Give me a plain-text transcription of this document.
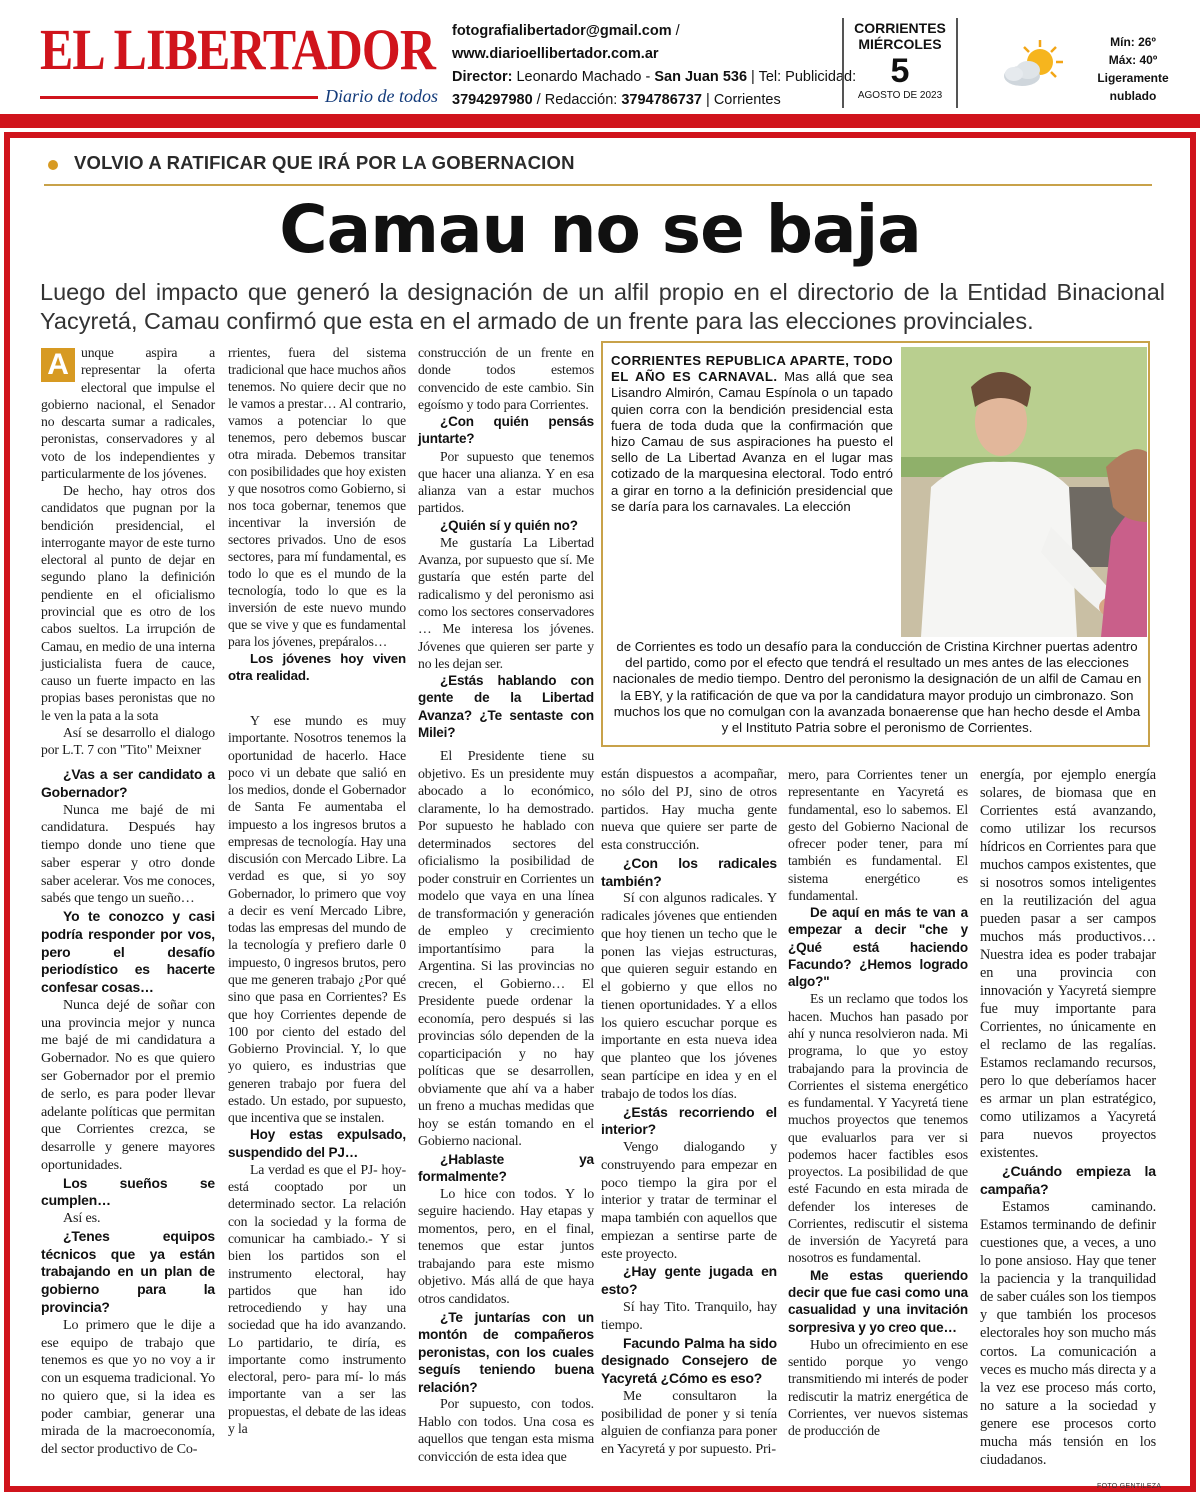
EL LIBERTADOR
Diario de todos
fotografialibertador@gmail.com /
www.diarioellibertador.com.ar
Director: Leonardo Machado - San Juan 536 | Tel: Publicidad:
3794297980 / Redacción: 3794786737 | Corrientes
CORRIENTES
MIÉRCOLES
5
AGOSTO DE 2023
Mín: 26º
Máx: 40º
Ligeramente
nublado
VOLVIO A RATIFICAR QUE IRÁ POR LA GOBERNACION
Camau no se baja
Luego del impacto que generó la designación de un alfil propio en el directorio de la Entidad Binacional Yacyretá, Camau confirmó que esta en el armado de un frente para las elecciones provinciales.

A unque aspira a representar la oferta electoral que impulse el gobierno nacional, el Senador no descarta sumar a radicales, peronistas, conservadores y al voto de los independientes y particularmente de los jóvenes.

De hecho, hay otros dos candidatos que pugnan por la bendición presidencial, el interrogante mayor de este turno electoral al punto de dejar en segundo plano la definición pendiente en el oficialismo provincial que es otro de los cabos sueltos. La irrupción de Camau, en medio de una interna justicialista fuera de cauce, causo un fuerte impacto en las propias bases peronistas que no le ven la pata a la sota

Así se desarrollo el dialogo por L.T. 7 con "Tito" Meixner

rrientes, fuera del sistema tradicional que hace muchos años tenemos. No quiere decir que no le vamos a prestar… Al contrario, vamos a potenciar lo que tenemos, pero debemos buscar otra mirada. Debemos transitar con posibilidades que hoy existen y que nosotros como Gobierno, si nos toca gobernar, tenemos que incentivar la inversión de sectores privados. Uno de esos sectores, para mí fundamental, es todo lo que es el mundo de la tecnología, todo lo que es la inversión de este nuevo mundo que se vive y que es fundamental para los jóvenes, prepáralos…

Los jóvenes hoy viven otra realidad.

construcción de un frente en donde todos estemos convencido de este cambio. Sin egoísmo y todo para Corrientes.

¿Con quién pensás juntarte?

Por supuesto que tenemos que hacer una alianza. Y en esa alianza van a estar muchos partidos.

¿Quién sí y quién no?

Me gustaría La Libertad Avanza, por supuesto que sí. Me gustaría que estén parte del radicalismo y del peronismo asi como los sectores conservadores … Me interesa los jóvenes. Jóvenes que quieren ser parte y no les dejan ser.

¿Estás hablando con gente de la Libertad Avanza? ¿Te sentaste con Milei?

CORRIENTES REPUBLICA APARTE, TODO EL AÑO ES CARNAVAL. Mas allá que sea Lisandro Almirón, Camau Espínola o un tapado quien corra con la bendición presidencial esta fuera de toda duda que la confirmación que hizo Camau de sus aspiraciones ha puesto el sello de La Libertad Avanza en el lugar mas cotizado de la marquesina electoral. Todo entró a girar en torno a la definición presidencial que se daría para los carnavales. La elección
de Corrientes es todo un desafío para la conducción de Cristina Kirchner puertas adentro del partido, como por el efecto que tendrá el resultado un mes antes de las elecciones nacionales de medio tiempo. Dentro del peronismo la designación de un alfil de Camau en la EBY, y la ratificación de que va por la candidatura mayor produjo un cimbronazo. Son muchos los que no comulgan con la avanzada bonaerense que han hecho desde el Amba y el Instituto Patria sobre el peronismo de Corrientes.

¿Vas a ser candidato a Gobernador?

Nunca me bajé de mi candidatura. Después hay tiempo donde uno tiene que saber esperar y otro donde saber acelerar. Vos me conoces, sabés que tengo un sueño…

Yo te conozco y casi podría responder por vos, pero el desafío periodístico es hacerte confesar cosas…

Nunca dejé de soñar con una provincia mejor y nunca me bajé de mi candidatura a Gobernador. No es que quiero ser Gobernador por el premio de serlo, es para poder llevar adelante políticas que permitan que Corrientes crezca, se desarrolle y genere mayores oportunidades.

Los sueños se cumplen…

Así es.

¿Tenes equipos técnicos que ya están trabajando en un plan de gobierno para la provincia?

Lo primero que le dije a ese equipo de trabajo que tenemos es que yo no voy a ir con un esquema tradicional. Yo no quiero que, si la idea es poder cambiar, generar una mirada de la macroeconomía, del sector productivo de Co-

Y ese mundo es muy importante. Nosotros tenemos la oportunidad de hacerlo. Hace poco vi un debate que salió en los medios, donde el Gobernador de Santa Fe aumentaba el impuesto a los ingresos brutos a empresas de tecnología. Hay una discusión con Mercado Libre. La verdad es que, si yo soy Gobernador, lo primero que voy a decir es vení Mercado Libre, todas las empresas del mundo de la tecnología y prefiero darle 0 impuesto, 0 ingresos brutos, pero que me generen trabajo ¿Por qué sino que pasa en Corrientes? Es que hoy Corrientes depende de 100 por ciento del estado del Gobierno Provincial. Y, lo que yo quiero, es industrias que generen trabajo por fuera del estado. Un estado, por supuesto, que incentiva que se instalen.

Hoy estas expulsado, suspendido del PJ…

La verdad es que el PJ- hoy- está cooptado por un determinado sector. La relación con la sociedad y la forma de comunicar ha cambiado.- Y si bien los partidos son el instrumento electoral, hay partidos que han ido retrocediendo y hay una sociedad que ha ido avanzando. Lo partidario, te diría, es importante como instrumento electoral, pero- para mí- lo más importante van a ser las propuestas, el debate de las ideas y la

El Presidente tiene su objetivo. Es un presidente muy abocado a lo económico, claramente, lo ha demostrado. Por supuesto he hablado con determinados sectores del oficialismo la posibilidad de poder construir en Corrientes un modelo que vaya en una línea de transformación y generación de empleo y crecimiento importantísimo para la Argentina. Si las provincias no crecen, el Gobierno… El Presidente puede ordenar la economía, pero después si las provincias sólo dependen de la coparticipación y no hay políticas que se desarrollen, obviamente que ahí va a haber un freno a muchas medidas que hoy se están tomando en el Gobierno nacional.

¿Hablaste ya formalmente?

Lo hice con todos. Y lo seguire haciendo. Hay etapas y momentos, pero, en el final, tenemos que estar juntos trabajando para este mismo objetivo. Más allá de que haya otros candidatos.

¿Te juntarías con un montón de compañeros peronistas, con los cuales seguís teniendo buena relación?

Por supuesto, con todos. Hablo con todos. Una cosa es aquellos que tengan esta misma convicción de esta idea que

están dispuestos a acompañar, no sólo del PJ, sino de otros partidos. Hay mucha gente nueva que quiere ser parte de esta construcción.

¿Con los radicales también?

Sí con algunos radicales. Y radicales jóvenes que entienden que hoy tienen un techo que le ponen las viejas estructuras, que quieren seguir estando en el gobierno y que ellos no tienen oportunidades. Y a ellos los quiero escuchar porque es importante en esta nueva idea que planteo que los jóvenes sean partícipe en idea y en el trabajo de todos los días.

¿Estás recorriendo el interior?

Vengo dialogando y construyendo para empezar en poco tiempo la gira por el interior y tratar de terminar el mapa también con aquellos que empiezan a sentirse parte de este proyecto.

¿Hay gente jugada en esto?

Sí hay Tito. Tranquilo, hay tiempo.

Facundo Palma ha sido designado Consejero de Yacyretá ¿Cómo es eso?

Me consultaron la posibilidad de poner y si tenía alguien de confianza para poner en Yacyretá y por supuesto. Pri-

mero, para Corrientes tener un representante en Yacyretá es fundamental, eso lo sabemos. El gesto del Gobierno Nacional de ofrecer poder tener, para mí también es fundamental. El sistema energético es fundamental.

De aquí en más te van a empezar a decir "che y ¿Qué está haciendo Facundo? ¿Hemos logrado algo?"

Es un reclamo que todos los hacen. Muchos han pasado por ahí y nunca resolvieron nada. Mi programa, lo que yo estoy trabajando para la provincia de Corrientes el sistema energético es fundamental. Y Yacyretá tiene muchos proyectos que tenemos que evaluarlos para ver si podemos hacer factibles esos proyectos. La posibilidad de que esté Facundo en esta mirada de defender los intereses de Corrientes, rediscutir el sistema de inversión de Yacyretá para nosotros es fundamental.

Me estas queriendo decir que fue casi como una casualidad y una invitación sorpresiva y yo creo que…

Hubo un ofrecimiento en ese sentido porque yo vengo transmitiendo mi interés de poder rediscutir la matriz energética de Corrientes, ver nuevos sistemas de producción de

energía, por ejemplo energía solares, de biomasa que en Corrientes está avanzando, como utilizar los recursos hídricos en Corrientes para que muchos campos existentes, que si nosotros somos inteligentes en la reutilización del agua pueden pasar a ser campos muchos más productivos… Nuestra idea es poder trabajar en una provincia con innovación y Yacyretá siempre fue muy importante para Corrientes, no únicamente en el reclamo de las regalías. Estamos reclamando recursos, pero lo que deberíamos hacer es armar un plan estratégico, como utilizamos a Yacyretá para nuevos proyectos existentes.

¿Cuándo empieza la campaña?

Estamos caminando. Estamos terminando de definir cuestiones que, a veces, a uno lo pone ansioso. Hay que tener la paciencia y la tranquilidad de saber cuáles son los tiempos y que también los procesos electorales hoy son mucho más cortos. La comunicación a veces es mucho más directa y a la vez ese proceso más corto, no sature a la sociedad y genere ese procesos corto mucha más tensión en los ciudadanos.

FOTO GENTILEZA
